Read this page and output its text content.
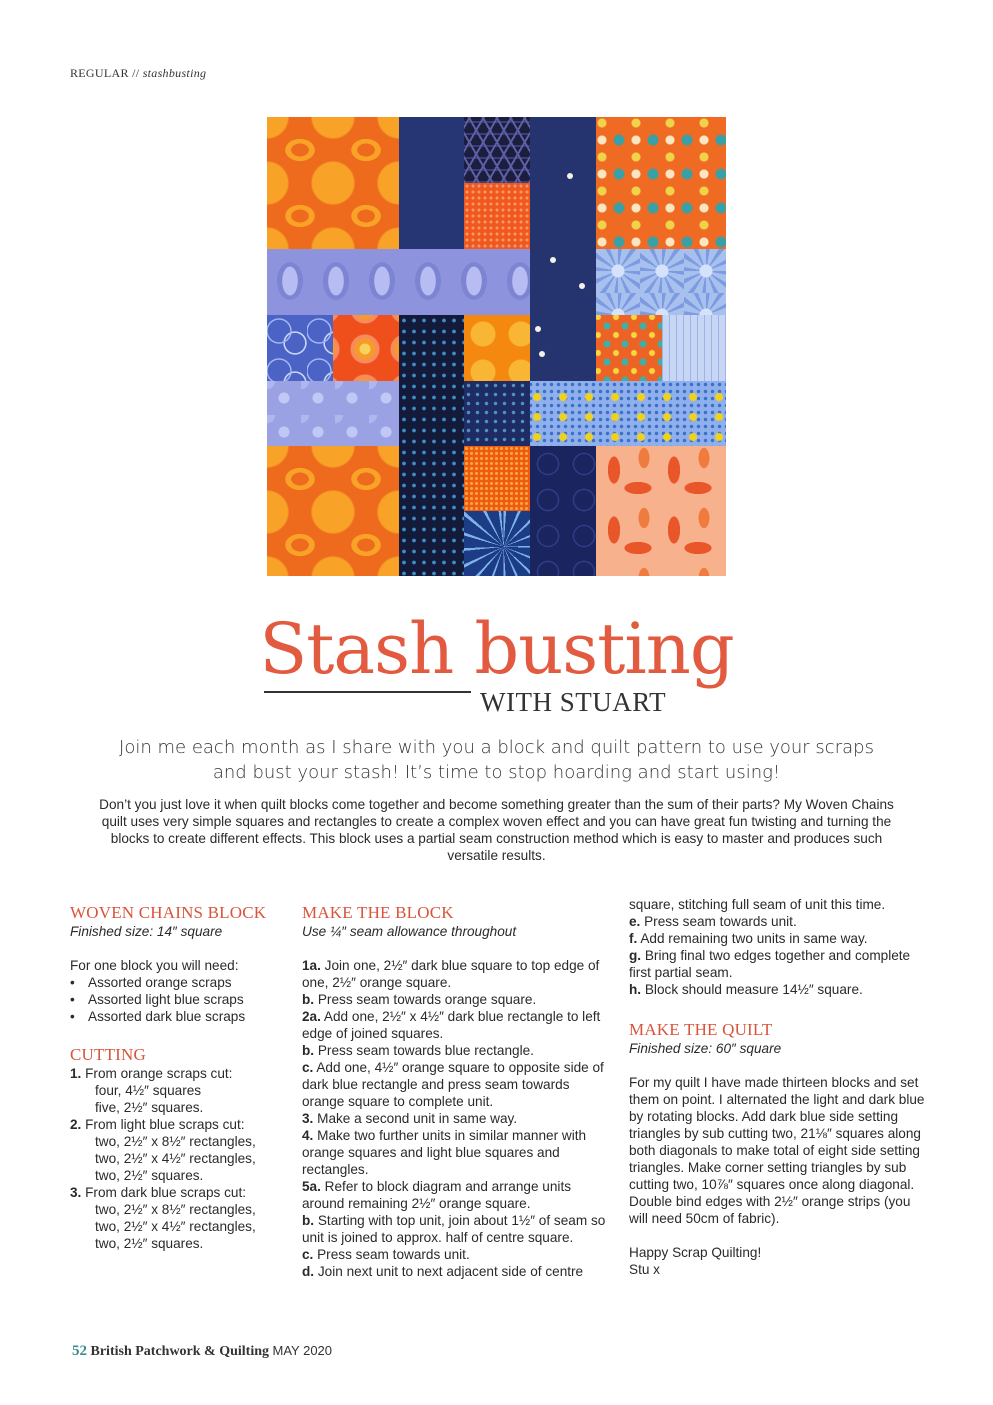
REGULAR // stashbusting
Stash busting
WITH STUART
Join me each month as I share with you a block and quilt pattern to use your scraps and bust your stash! It’s time to stop hoarding and start using!
Don’t you just love it when quilt blocks come together and become something greater than the sum of their parts? My Woven Chains quilt uses very simple squares and rectangles to create a complex woven effect and you can have great fun twisting and turning the blocks to create different effects. This block uses a partial seam construction method which is easy to master and produces such versatile results.
WOVEN CHAINS BLOCK
Finished size: 14″ square
For one block you will need:
• Assorted orange scraps
• Assorted light blue scraps
• Assorted dark blue scraps
CUTTING
1. From orange scraps cut:
four, 4½″ squares
five, 2½″ squares.
2. From light blue scraps cut:
two, 2½″ x 8½″ rectangles,
two, 2½″ x 4½″ rectangles,
two, 2½″ squares.
3. From dark blue scraps cut:
two, 2½″ x 8½″ rectangles,
two, 2½″ x 4½″ rectangles,
two, 2½″ squares.
MAKE THE BLOCK
Use ¼″ seam allowance throughout
1a. Join one, 2½″ dark blue square to top edge of one, 2½″ orange square.
b. Press seam towards orange square.
2a. Add one, 2½″ x 4½″ dark blue rectangle to left edge of joined squares.
b. Press seam towards blue rectangle.
c. Add one, 4½″ orange square to opposite side of dark blue rectangle and press seam towards orange square to complete unit.
3. Make a second unit in same way.
4. Make two further units in similar manner with orange squares and light blue squares and rectangles.
5a. Refer to block diagram and arrange units around remaining 2½″ orange square.
b. Starting with top unit, join about 1½″ of seam so unit is joined to approx. half of centre square.
c. Press seam towards unit.
d. Join next unit to next adjacent side of centre
square, stitching full seam of unit this time.
e. Press seam towards unit.
f. Add remaining two units in same way.
g. Bring final two edges together and complete first partial seam.
h. Block should measure 14½″ square.
MAKE THE QUILT
Finished size: 60″ square
For my quilt I have made thirteen blocks and set them on point. I alternated the light and dark blue by rotating blocks. Add dark blue side setting triangles by sub cutting two, 21⅛″ squares along both diagonals to make total of eight side setting triangles. Make corner setting triangles by sub cutting two, 10⅞″ squares once along diagonal. Double bind edges with 2½″ orange strips (you will need 50cm of fabric).
Happy Scrap Quilting!
Stu x
52 British Patchwork & Quilting MAY 2020
